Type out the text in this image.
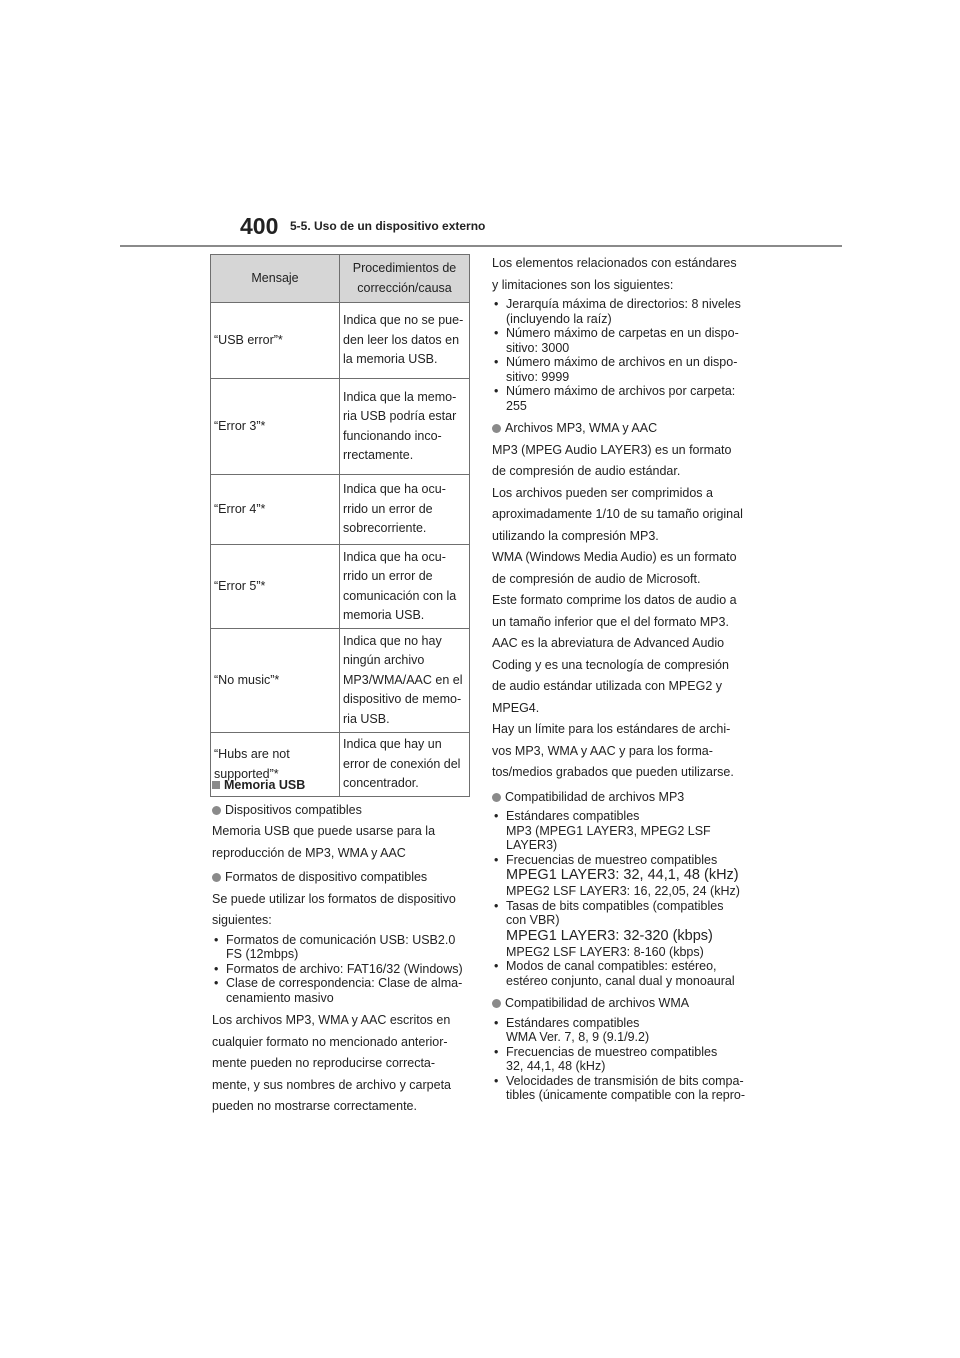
400 5-5. Uso de un dispositivo externo
Mensaje	Procedimientos de corrección/causa
“USB error”*	Indica que no se pue-
den leer los datos en
la memoria USB.
“Error 3”*	Indica que la memo-
ria USB podría estar
funcionando inco-
rrectamente.
“Error 4”*	Indica que ha ocu-
rrido un error de
sobrecorriente.
“Error 5”*	Indica que ha ocu-
rrido un error de
comunicación con la
memoria USB.
“No music”*	Indica que no hay
ningún archivo
MP3/WMA/AAC en el
dispositivo de memo-
ria USB.
“Hubs are not
supported”*	Indica que hay un
error de conexión del
concentrador.

Memoria USB

Dispositivos compatibles

Memoria USB que puede usarse para la

reproducción de MP3, WMA y AAC

Formatos de dispositivo compatibles

Se puede utilizar los formatos de dispositivo

siguientes:

• Formatos de comunicación USB: USB2.0
FS (12mbps)
• Formatos de archivo: FAT16/32 (Windows)
• Clase de correspondencia: Clase de alma-
cenamiento masivo

Los archivos MP3, WMA y AAC escritos en

cualquier formato no mencionado anterior-

mente pueden no reproducirse correcta-

mente, y sus nombres de archivo y carpeta

pueden no mostrarse correctamente.

Los elementos relacionados con estándares

y limitaciones son los siguientes:

• Jerarquía máxima de directorios: 8 niveles
(incluyendo la raíz)
• Número máximo de carpetas en un dispo-
sitivo: 3000
• Número máximo de archivos en un dispo-
sitivo: 9999
• Número máximo de archivos por carpeta:
255

Archivos MP3, WMA y AAC

MP3 (MPEG Audio LAYER3) es un formato

de compresión de audio estándar.

Los archivos pueden ser comprimidos a

aproximadamente 1/10 de su tamaño original

utilizando la compresión MP3.

WMA (Windows Media Audio) es un formato

de compresión de audio de Microsoft.

Este formato comprime los datos de audio a

un tamaño inferior que el del formato MP3.

AAC es la abreviatura de Advanced Audio

Coding y es una tecnología de compresión

de audio estándar utilizada con MPEG2 y

MPEG4.

Hay un límite para los estándares de archi-

vos MP3, WMA y AAC y para los forma-

tos/medios grabados que pueden utilizarse.

Compatibilidad de archivos MP3

• Estándares compatibles
MP3 (MPEG1 LAYER3, MPEG2 LSF
LAYER3)
• Frecuencias de muestreo compatibles
MPEG1 LAYER3: 32, 44,1, 48 (kHz)
MPEG2 LSF LAYER3: 16, 22,05, 24 (kHz)
• Tasas de bits compatibles (compatibles
con VBR)
MPEG1 LAYER3: 32-320 (kbps)
MPEG2 LSF LAYER3: 8-160 (kbps)
• Modos de canal compatibles: estéreo,
estéreo conjunto, canal dual y monoaural

Compatibilidad de archivos WMA

• Estándares compatibles
WMA Ver. 7, 8, 9 (9.1/9.2)
• Frecuencias de muestreo compatibles
32, 44,1, 48 (kHz)
• Velocidades de transmisión de bits compa-
tibles (únicamente compatible con la repro-
